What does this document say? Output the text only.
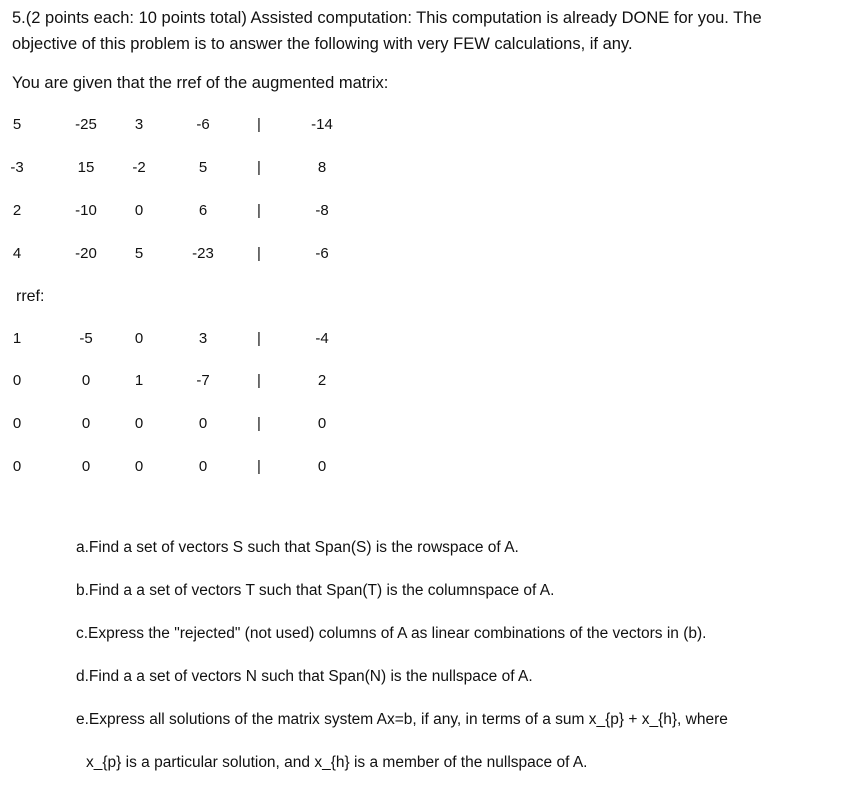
5.(2 points each: 10 points total) Assisted computation: This computation is already DONE for you. The

objective of this problem is to answer the following with very FEW calculations, if any.

You are given that the rref of the augmented matrix:
5	-25	3	-6	|	-14
-3	15	-2	5	|	8
2	-10	0	6	|	-8
4	-20	5	-23	|	-6
rref:
1	-5	0	3	|	-4
0	0	1	-7	|	2
0	0	0	0	|	0
0	0	0	0	|	0
a.Find a set of vectors S such that Span(S) is the rowspace of A.
b.Find a a set of vectors T such that Span(T) is the columnspace of A.
c.Express the "rejected" (not used) columns of A as linear combinations of the vectors in (b).
d.Find a a set of vectors N such that Span(N) is the nullspace of A.
e.Express all solutions of the matrix system Ax=b, if any, in terms of a sum x_{p} + x_{h}, where
x_{p} is a particular solution, and x_{h} is a member of the nullspace of A.
